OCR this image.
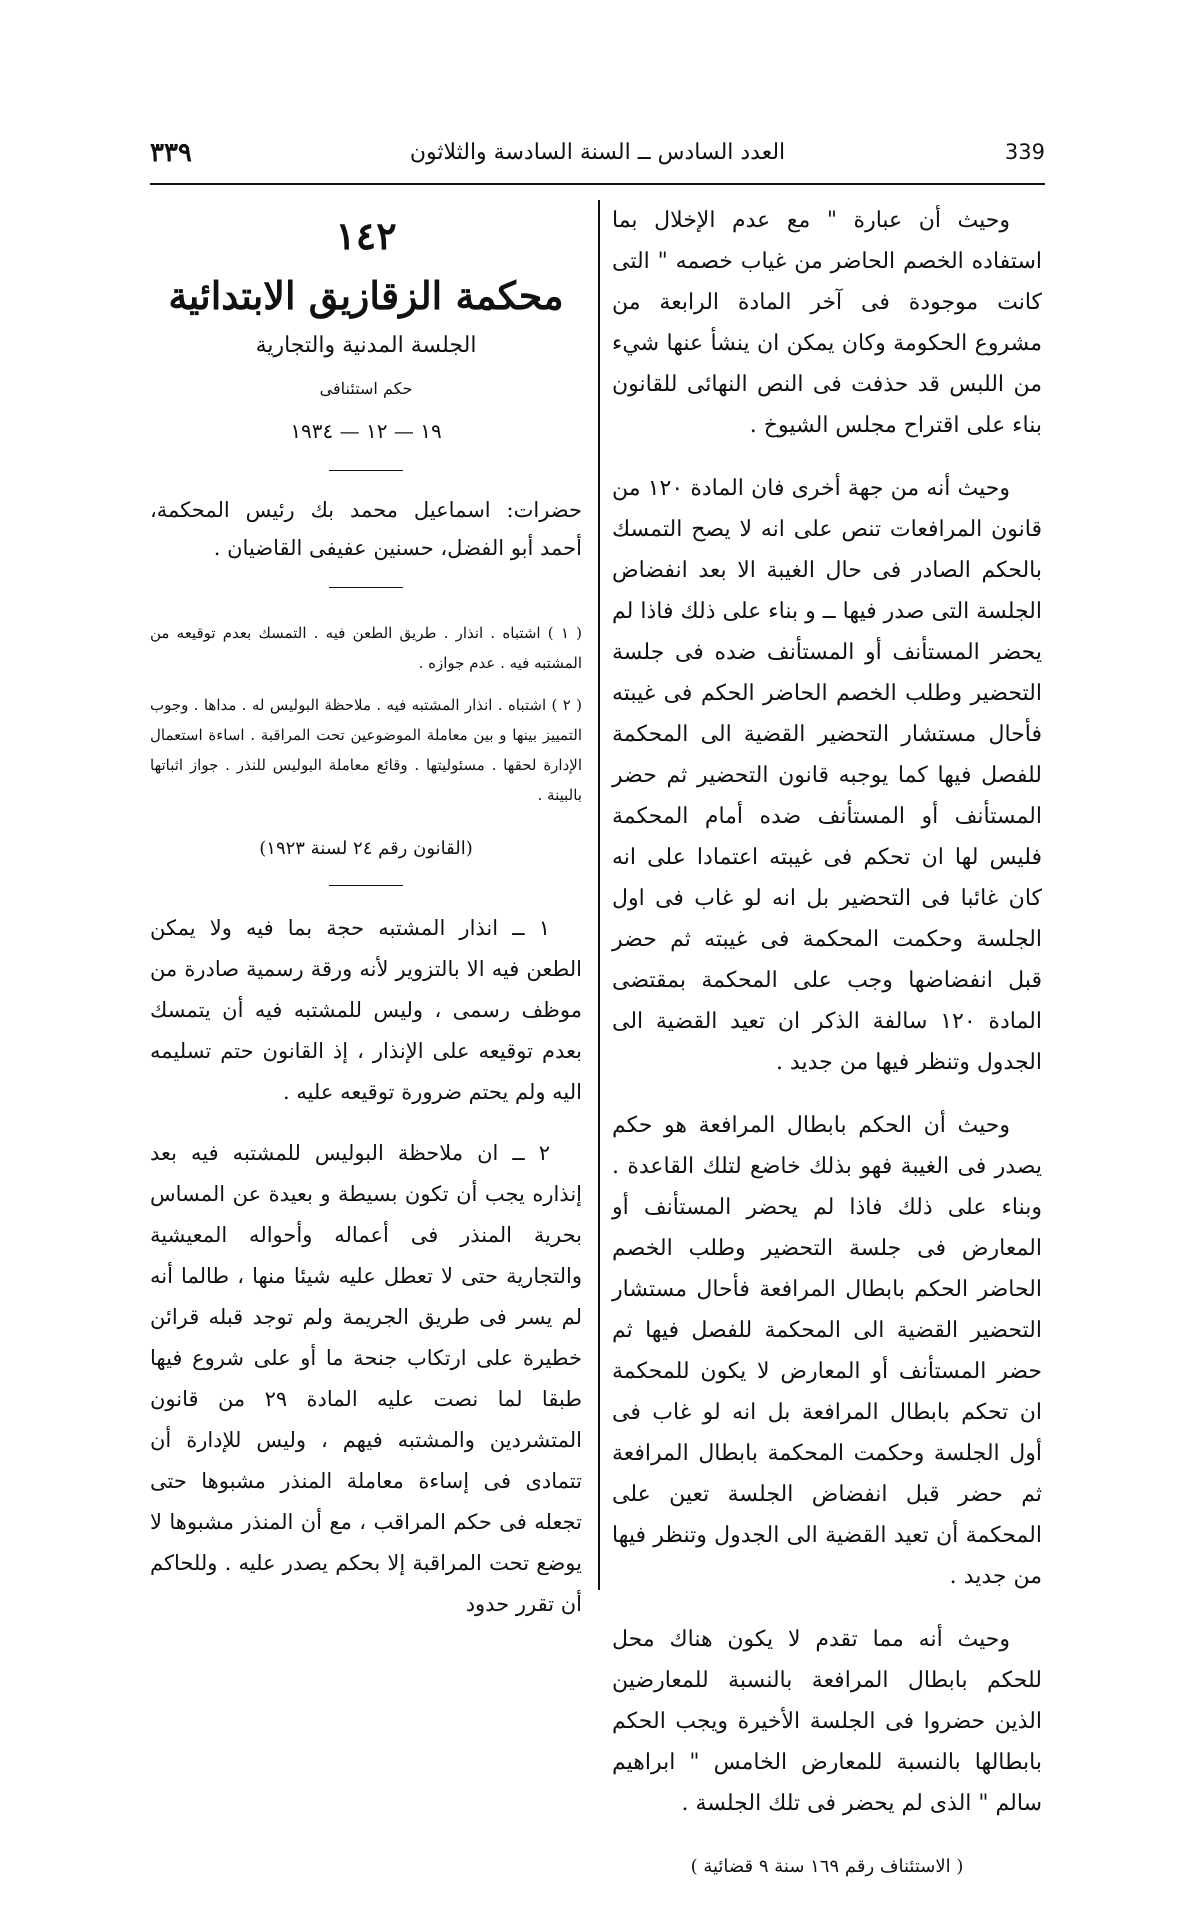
٣٣٩	العدد السادس ــ السنة السادسة والثلاثون	339

وحيث أن عبارة " مع عدم الإخلال بما استفاده الخصم الحاضر من غياب خصمه " التى كانت موجودة فى آخر المادة الرابعة من مشروع الحكومة وكان يمكن ان ينشأ عنها شيء من اللبس قد حذفت فى النص النهائى للقانون بناء على اقتراح مجلس الشيوخ .

وحيث أنه من جهة أخرى فان المادة ١٢٠ من قانون المرافعات تنص على انه لا يصح التمسك بالحكم الصادر فى حال الغيبة الا بعد انفضاض الجلسة التى صدر فيها ــ و بناء على ذلك فاذا لم يحضر المستأنف أو المستأنف ضده فى جلسة التحضير وطلب الخصم الحاضر الحكم فى غيبته فأحال مستشار التحضير القضية الى المحكمة للفصل فيها كما يوجبه قانون التحضير ثم حضر المستأنف أو المستأنف ضده أمام المحكمة فليس لها ان تحكم فى غيبته اعتمادا على انه كان غائبا فى التحضير بل انه لو غاب فى اول الجلسة وحكمت المحكمة فى غيبته ثم حضر قبل انفضاضها وجب على المحكمة بمقتضى المادة ١٢٠ سالفة الذكر ان تعيد القضية الى الجدول وتنظر فيها من جديد .

وحيث أن الحكم بابطال المرافعة هو حكم يصدر فى الغيبة فهو بذلك خاضع لتلك القاعدة . وبناء على ذلك فاذا لم يحضر المستأنف أو المعارض فى جلسة التحضير وطلب الخصم الحاضر الحكم بابطال المرافعة فأحال مستشار التحضير القضية الى المحكمة للفصل فيها ثم حضر المستأنف أو المعارض لا يكون للمحكمة ان تحكم بابطال المرافعة بل انه لو غاب فى أول الجلسة وحكمت المحكمة بابطال المرافعة ثم حضر قبل انفضاض الجلسة تعين على المحكمة أن تعيد القضية الى الجدول وتنظر فيها من جديد .

وحيث أنه مما تقدم لا يكون هناك محل للحكم بابطال المرافعة بالنسبة للمعارضين الذين حضروا فى الجلسة الأخيرة ويجب الحكم بابطالها بالنسبة للمعارض الخامس " ابراهيم سالم " الذى لم يحضر فى تلك الجلسة .

( الاستئناف رقم ١٦٩ سنة ٩ قضائية )

١٤٢
محكمة الزقازيق الابتدائية
الجلسة المدنية والتجارية
حكم استئنافى
١٩ — ١٢ — ١٩٣٤
حضرات: اسماعيل محمد بك رئيس المحكمة، أحمد أبو الفضل، حسنين عفيفى القاضيان .
( ١ ) اشتباه . انذار . طريق الطعن فيه . التمسك بعدم توقيعه من المشتبه فيه . عدم جوازه .
( ٢ ) اشتباه . انذار المشتبه فيه . ملاحظة البوليس له . مداها . وجوب التمييز بينها و بين معاملة الموضوعين تحت المراقبة . اساءة استعمال الإدارة لحقها . مسئوليتها . وقائع معاملة البوليس للنذر . جواز اثباتها بالبينة .
(القانون رقم ٢٤ لسنة ١٩٢٣)
١ ــ انذار المشتبه حجة بما فيه ولا يمكن الطعن فيه الا بالتزوير لأنه ورقة رسمية صادرة من موظف رسمى ، وليس للمشتبه فيه أن يتمسك بعدم توقيعه على الإنذار ، إذ القانون حتم تسليمه اليه ولم يحتم ضرورة توقيعه عليه .
٢ ــ ان ملاحظة البوليس للمشتبه فيه بعد إنذاره يجب أن تكون بسيطة و بعيدة عن المساس بحرية المنذر فى أعماله وأحواله المعيشية والتجارية حتى لا تعطل عليه شيئا منها ، طالما أنه لم يسر فى طريق الجريمة ولم توجد قبله قرائن خطيرة على ارتكاب جنحة ما أو على شروع فيها طبقا لما نصت عليه المادة ٢٩ من قانون المتشردين والمشتبه فيهم ، وليس للإدارة أن تتمادى فى إساءة معاملة المنذر مشبوها حتى تجعله فى حكم المراقب ، مع أن المنذر مشبوها لا يوضع تحت المراقبة إلا بحكم يصدر عليه . وللحاكم أن تقرر حدود
